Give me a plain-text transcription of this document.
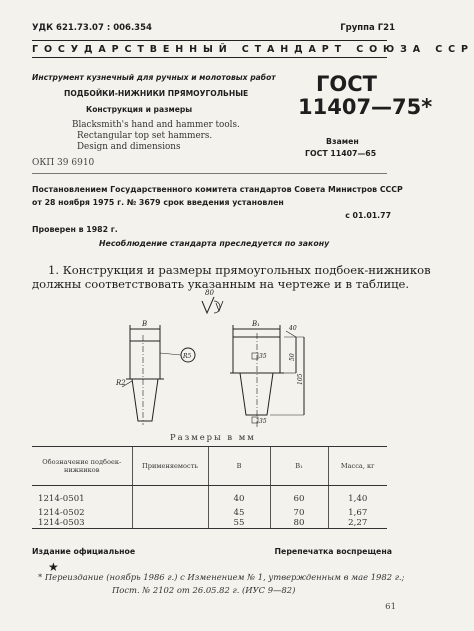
УДК 621.73.07 : 006.354	Группа Г21
ГОСУДАРСТВЕННЫЙ СТАНДАРТ СОЮЗА ССР
Инструмент кузнечный для ручных и молотовых работ
ПОДБОЙКИ-НИЖНИКИ ПРЯМОУГОЛЬНЫЕ
Конструкция и размеры
Blacksmith's hand and hammer tools.
Rectangular top set hammers.
Design and dimensions
ГОСТ
11407—75*
Взамен
ГОСТ 11407—65
ОКП 39 6910
Постановлением Государственного комитета стандартов Совета Министров СССР
от 28 ноября 1975 г. № 3679 срок введения установлен
с 01.01.77
Проверен в 1982 г.
Несоблюдение стандарта преследуется по закону
1. Конструкция и размеры прямоугольных подбоек-нижников
должны соответствовать указанным на чертеже и в таблице.
80
B	B₁
R2
R5	35
35
40
50
105
Размеры в мм
Обозначение подбоек-нижников	Применяемость	B	B₁	Масса, кг
1214-0501		40	60	1,40
1214-0502		45	70	1,67
1214-0503		55	80	2,27
Издание официальное	Перепечатка воспрещена
★
* Переиздание (ноябрь 1986 г.) с Изменением № 1, утвержденным в мае 1982 г.;
Пост. № 2102 от 26.05.82 г. (ИУС 9—82)
61
